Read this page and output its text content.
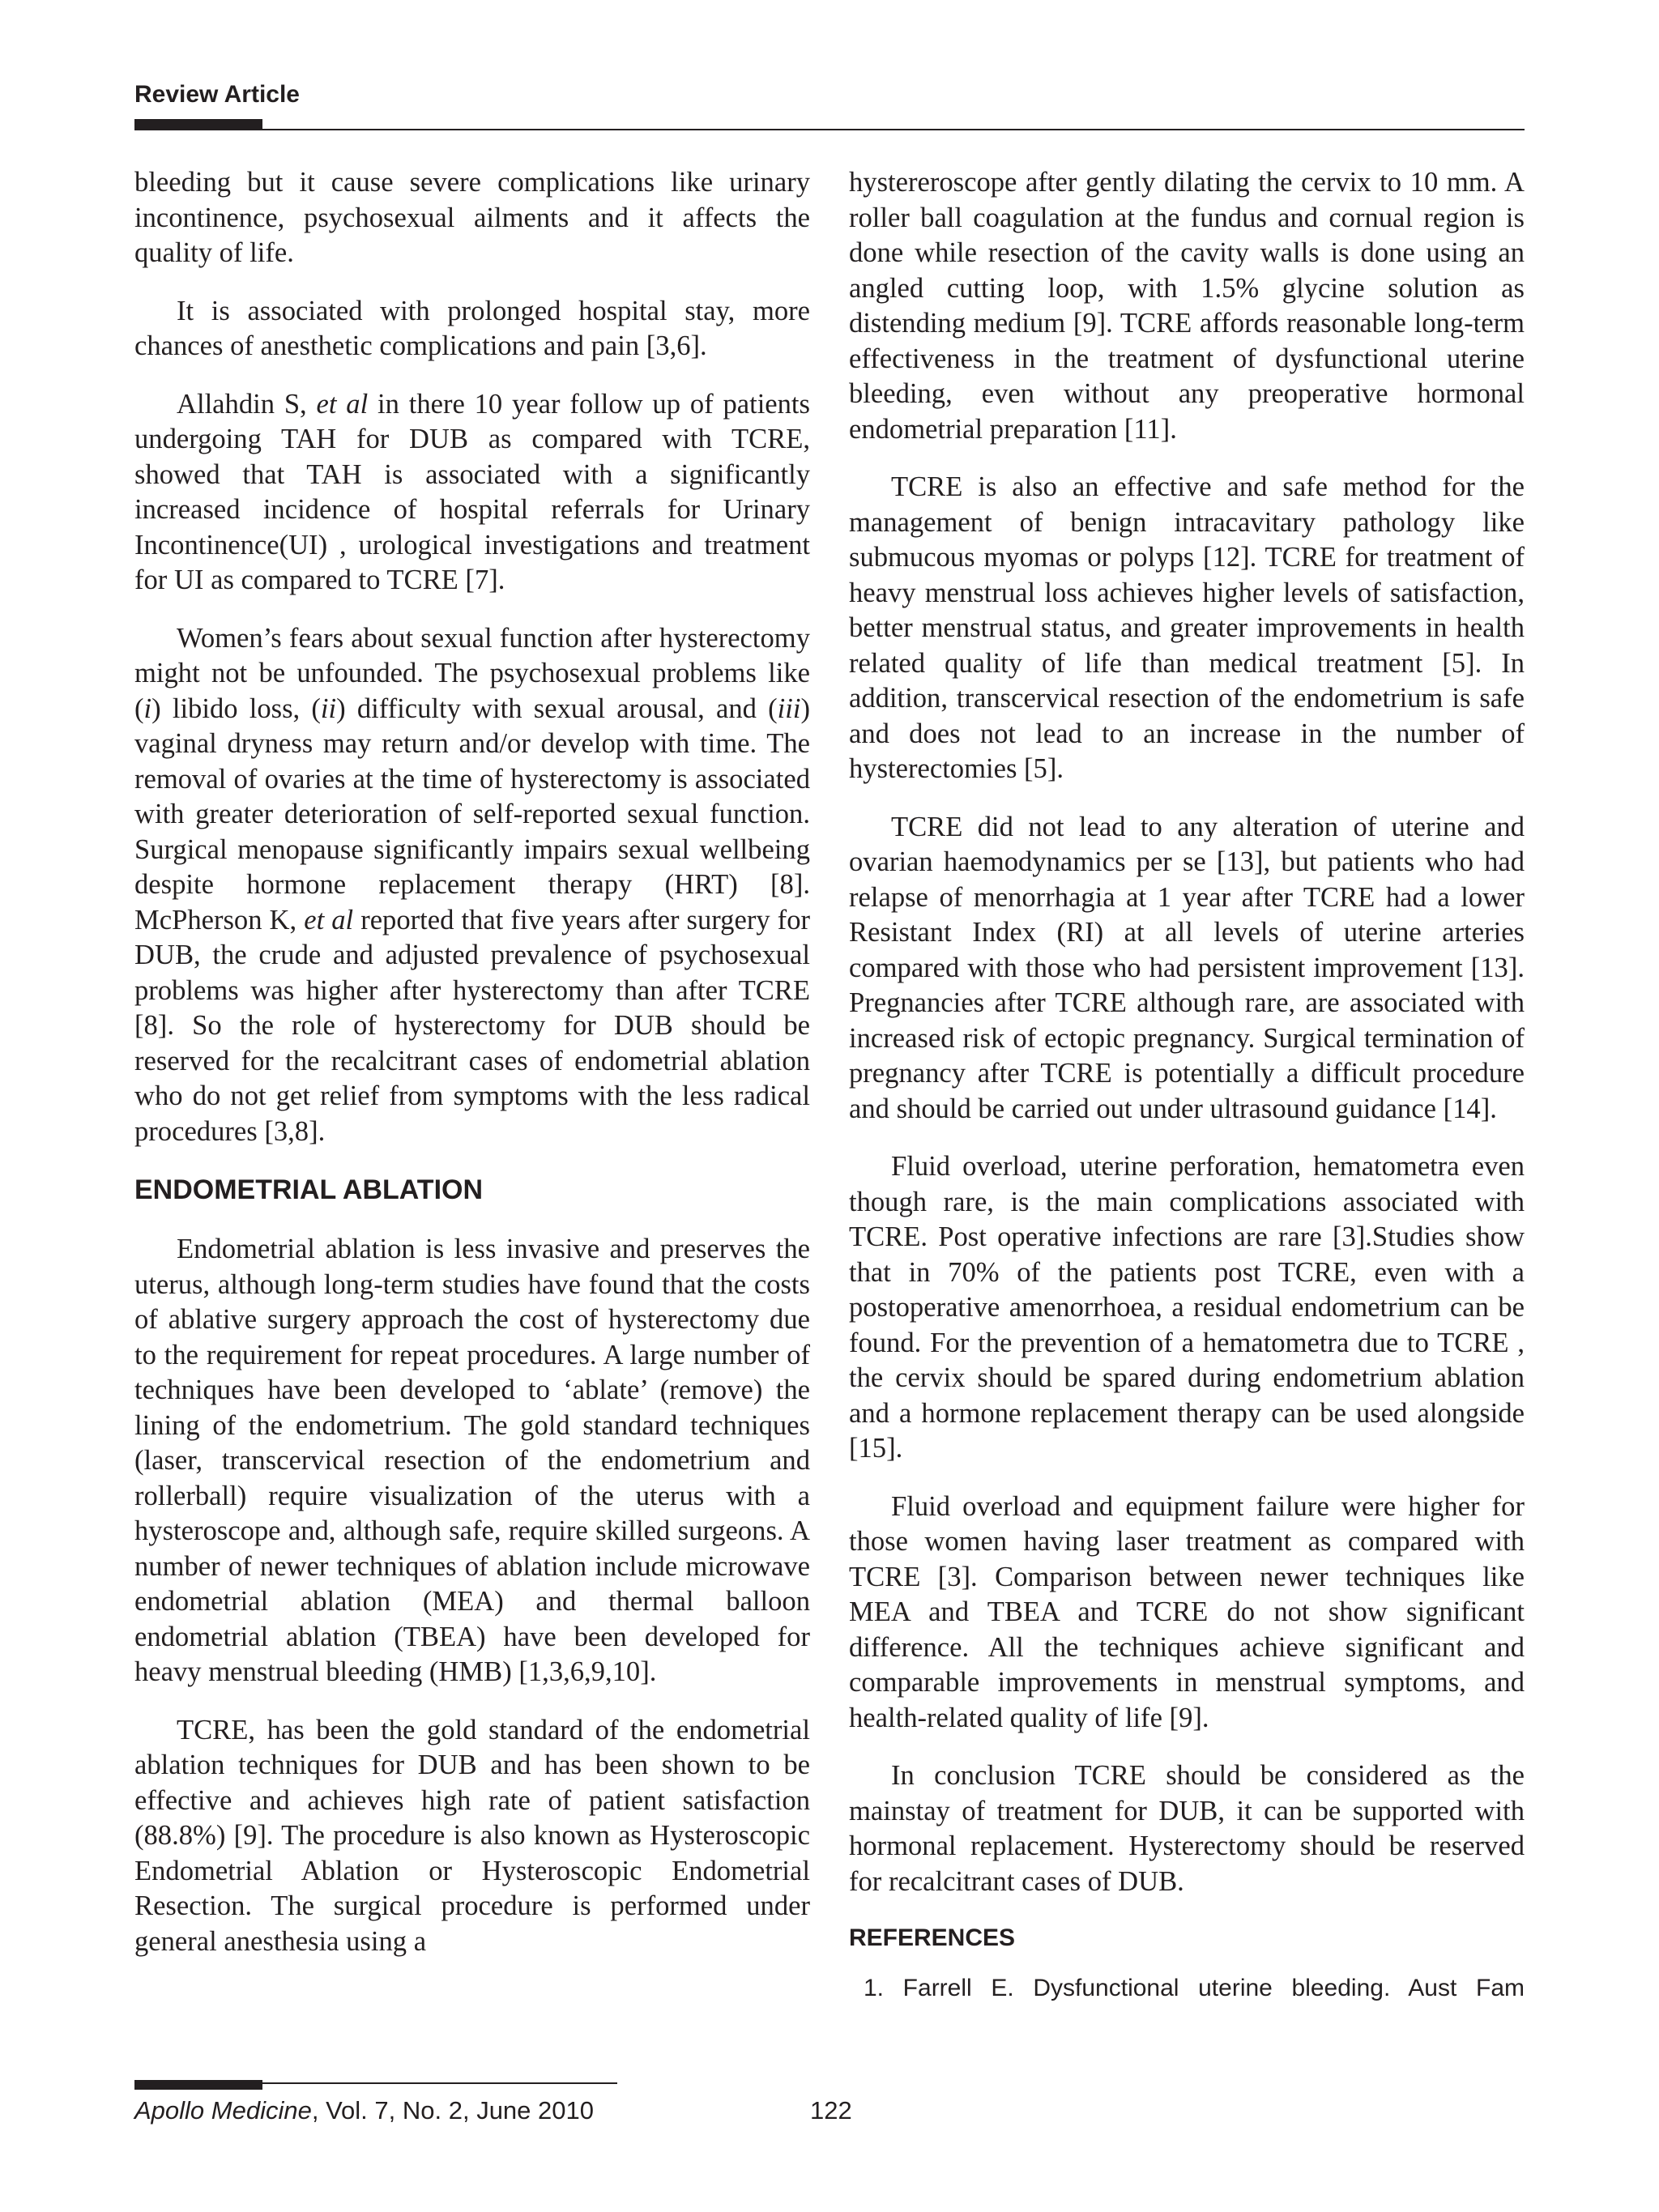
Review Article

bleeding but it cause severe complications like urinary incontinence, psychosexual ailments and it affects the quality of life.

It is associated with prolonged hospital stay, more chances of anesthetic complications and pain [3,6].

Allahdin S, et al in there 10 year follow up of patients undergoing TAH for DUB as compared with TCRE, showed that TAH is associated with a significantly increased incidence of hospital referrals for Urinary Incontinence(UI) , urological investigations and treatment for UI as compared to TCRE [7].

Women’s fears about sexual function after hysterectomy might not be unfounded. The psychosexual problems like (i) libido loss, (ii) difficulty with sexual arousal, and (iii) vaginal dryness may return and/or develop with time. The removal of ovaries at the time of hysterectomy is associated with greater deterioration of self-reported sexual function. Surgical menopause significantly impairs sexual wellbeing despite hormone replacement therapy (HRT) [8]. McPherson K, et al reported that five years after surgery for DUB, the crude and adjusted prevalence of psychosexual problems was higher after hysterectomy than after TCRE [8]. So the role of hysterectomy for DUB should be reserved for the recalcitrant cases of endometrial ablation who do not get relief from symptoms with the less radical procedures [3,8].

ENDOMETRIAL ABLATION

Endometrial ablation is less invasive and preserves the uterus, although long-term studies have found that the costs of ablative surgery approach the cost of hysterectomy due to the requirement for repeat procedures. A large number of techniques have been developed to ‘ablate’ (remove) the lining of the endometrium. The gold standard techniques (laser, transcervical resection of the endometrium and rollerball) require visualization of the uterus with a hysteroscope and, although safe, require skilled surgeons. A number of newer techniques of ablation include microwave endometrial ablation (MEA) and thermal balloon endometrial ablation (TBEA) have been developed for heavy menstrual bleeding (HMB) [1,3,6,9,10].

TCRE, has been the gold standard of the endometrial ablation techniques for DUB and has been shown to be effective and achieves high rate of patient satisfaction (88.8%) [9]. The procedure is also known as Hysteroscopic Endometrial Ablation or Hysteroscopic Endometrial Resection. The surgical procedure is performed under general anesthesia using a

hystereroscope after gently dilating the cervix to 10 mm. A roller ball coagulation at the fundus and cornual region is done while resection of the cavity walls is done using an angled cutting loop, with 1.5% glycine solution as distending medium [9]. TCRE affords reasonable long-term effectiveness in the treatment of dysfunctional uterine bleeding, even without any preoperative hormonal endometrial preparation [11].

TCRE is also an effective and safe method for the management of benign intracavitary pathology like submucous myomas or polyps [12]. TCRE for treatment of heavy menstrual loss achieves higher levels of satisfaction, better menstrual status, and greater improvements in health related quality of life than medical treatment [5]. In addition, transcervical resection of the endometrium is safe and does not lead to an increase in the number of hysterectomies [5].

TCRE did not lead to any alteration of uterine and ovarian haemodynamics per se [13], but patients who had relapse of menorrhagia at 1 year after TCRE had a lower Resistant Index (RI) at all levels of uterine arteries compared with those who had persistent improvement [13]. Pregnancies after TCRE although rare, are associated with increased risk of ectopic pregnancy. Surgical termination of pregnancy after TCRE is potentially a difficult procedure and should be carried out under ultrasound guidance [14].

Fluid overload, uterine perforation, hematometra even though rare, is the main complications associated with TCRE. Post operative infections are rare [3].Studies show that in 70% of the patients post TCRE, even with a postoperative amenorrhoea, a residual endometrium can be found. For the prevention of a hematometra due to TCRE , the cervix should be spared during endometrium ablation and a hormone replacement therapy can be used alongside [15].

Fluid overload and equipment failure were higher for those women having laser treatment as compared with TCRE [3]. Comparison between newer techniques like MEA and TBEA and TCRE do not show significant difference. All the techniques achieve significant and comparable improvements in menstrual symptoms, and health-related quality of life [9].

In conclusion TCRE should be considered as the mainstay of treatment for DUB, it can be supported with hormonal replacement. Hysterectomy should be reserved for recalcitrant cases of DUB.

REFERENCES
1. Farrell E. Dysfunctional uterine bleeding. Aust Fam
Apollo Medicine, Vol. 7, No. 2, June 2010	122
